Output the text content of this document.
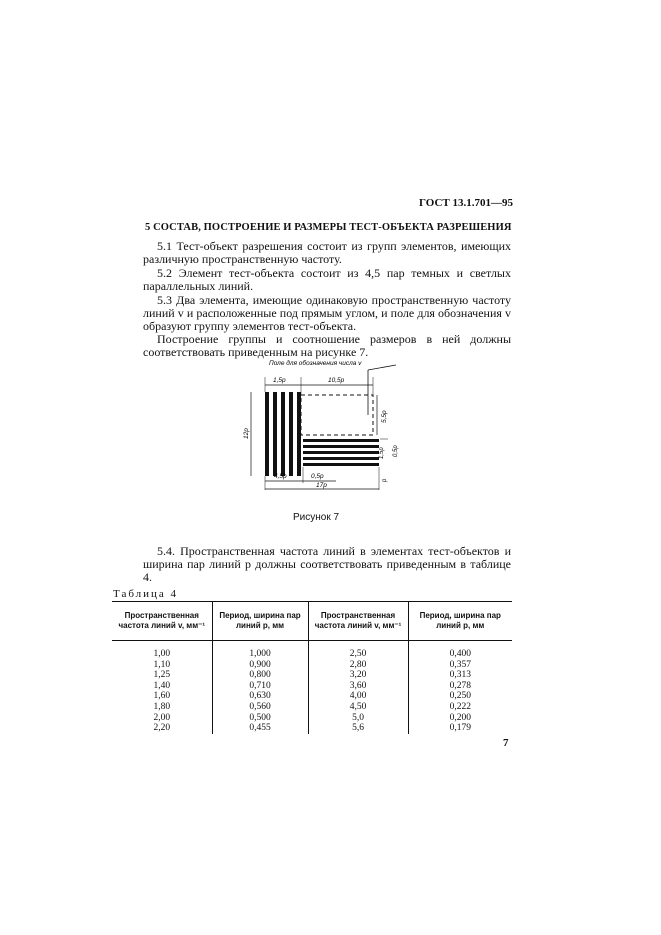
ГОСТ 13.1.701—95
5 СОСТАВ, ПОСТРОЕНИЕ И РАЗМЕРЫ ТЕСТ-ОБЪЕКТА РАЗРЕШЕНИЯ
5.1 Тест-объект разрешения состоит из групп элементов, имеющих различную пространственную частоту.
5.2 Элемент тест-объекта состоит из 4,5 пар темных и светлых параллельных линий.
5.3 Два элемента, имеющие одинаковую пространственную частоту линий v и расположенные под прямым углом, и поле для обозначения v образуют группу элементов тест-объекта.
Построение группы и соотношение размеров в ней должны соответствовать приведенным на рисунке 7.
Поле для обозначения числа v
1,5p	10,5p
12p
5,5p
1,5p 0,5p
p
4,5p	0,5p
17p
Рисунок 7
5.4. Пространственная частота линий в элементах тест-объектов и ширина пар линий p должны соответствовать приведенным в таблице 4.
Таблица 4
Пространственная частота линий v, мм⁻¹	Период, ширина пар линий p, мм	Пространственная частота линий v, мм⁻¹	Период, ширина пар линий p, мм
1,00	1,000	2,50	0,400
1,10	0,900	2,80	0,357
1,25	0,800	3,20	0,313
1,40	0,710	3,60	0,278
1,60	0,630	4,00	0,250
1,80	0,560	4,50	0,222
2,00	0,500	5,0	0,200
2,20	0,455	5,6	0,179
7
